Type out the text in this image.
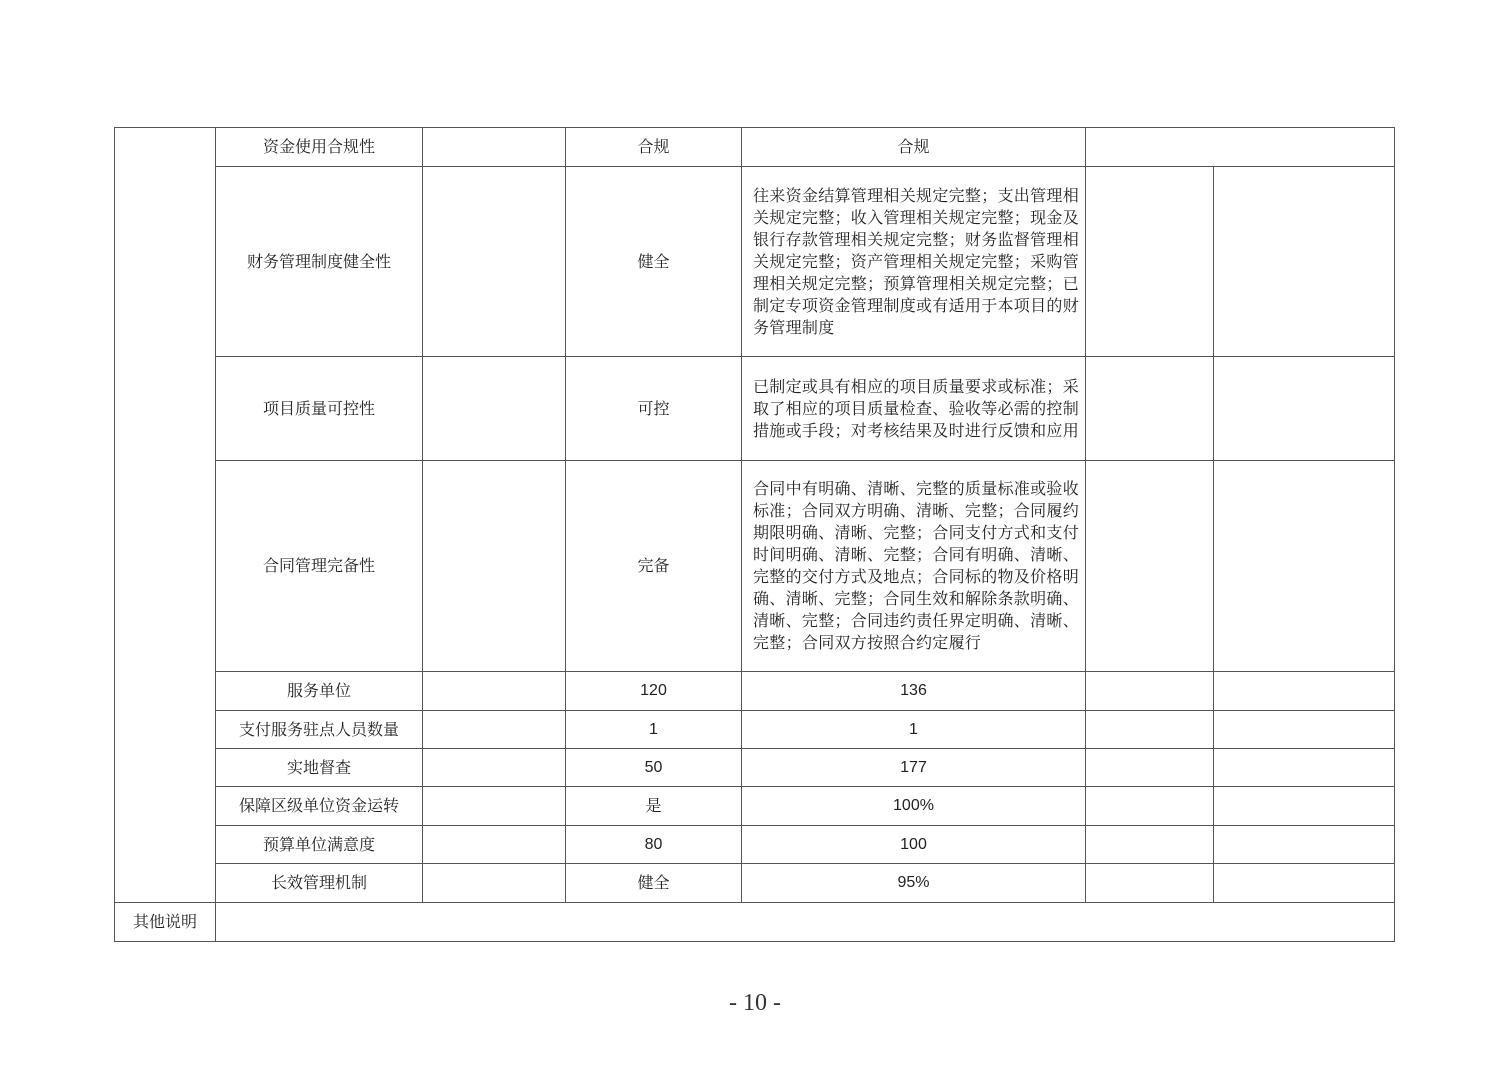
	资金使用合规性		合规	合规		
	财务管理制度健全性		健全	往来资金结算管理相关规定完整；支出管理相关规定完整；收入管理相关规定完整；现金及银行存款管理相关规定完整；财务监督管理相关规定完整；资产管理相关规定完整；采购管理相关规定完整；预算管理相关规定完整；已制定专项资金管理制度或有适用于本项目的财务管理制度		
	项目质量可控性		可控	已制定或具有相应的项目质量要求或标准；采取了相应的项目质量检查、验收等必需的控制措施或手段；对考核结果及时进行反馈和应用		
	合同管理完备性		完备	合同中有明确、清晰、完整的质量标准或验收标准；合同双方明确、清晰、完整；合同履约期限明确、清晰、完整；合同支付方式和支付时间明确、清晰、完整；合同有明确、清晰、完整的交付方式及地点；合同标的物及价格明确、清晰、完整；合同生效和解除条款明确、清晰、完整；合同违约责任界定明确、清晰、完整；合同双方按照合约定履行		
	服务单位		120	136		
	支付服务驻点人员数量		1	1		
	实地督查		50	177		
	保障区级单位资金运转		是	100%		
	预算单位满意度		80	100		
	长效管理机制		健全	95%		
其他说明						
- 10 -
